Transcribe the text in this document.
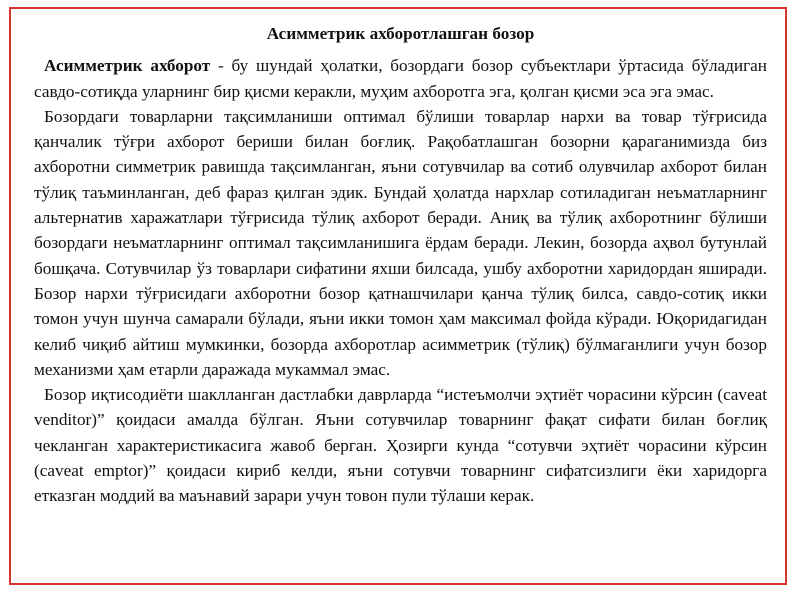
Асимметрик ахборотлашган бозор

Асимметрик ахборот - бу шундай ҳолатки, бозордаги бозор субъектлари ўртасида бўладиган савдо-сотиқда уларнинг бир қисми керакли, муҳим ахборотга эга, қолган қисми эса эга эмас.

Бозордаги товарларни тақсимланиши оптимал бўлиши товарлар нархи ва товар тўғрисида қанчалик тўғри ахборот бериши билан боғлиқ. Рақобатлашган бозорни қараганимизда биз ахборотни симметрик равишда тақсимланган, яъни сотувчилар ва сотиб олувчилар ахборот билан тўлиқ таъминланган, деб фараз қилган эдик. Бундай ҳолатда нархлар сотиладиган неъматларнинг альтернатив харажатлари тўғрисида тўлиқ ахборот беради. Аниқ ва тўлиқ ахборотнинг бўлиши бозордаги неъматларнинг оптимал тақсимланишига ёрдам беради. Лекин, бозорда аҳвол бутунлай бошқача. Сотувчилар ўз товарлари сифатини яхши билсада, ушбу ахборотни харидордан яширади. Бозор нархи тўғрисидаги ахборотни бозор қатнашчилари қанча тўлиқ билса, савдо-сотиқ икки томон учун шунча самарали бўлади, яъни икки томон ҳам максимал фойда кўради. Юқоридагидан келиб чиқиб айтиш мумкинки, бозорда ахборотлар асимметрик (тўлиқ) бўлмаганлиги учун бозор механизми ҳам етарли даражада мукаммал эмас.

Бозор иқтисодиёти шаклланган дастлабки даврларда “истеъмолчи эҳтиёт чорасини кўрсин (caveat venditor)” қоидаси амалда бўлган. Яъни сотувчилар товарнинг фақат сифати билан боғлиқ чекланган характеристикасига жавоб берган. Ҳозирги кунда “сотувчи эҳтиёт чорасини кўрсин (caveat emptor)” қоидаси кириб келди, яъни сотувчи товарнинг сифатсизлиги ёки харидорга етказган моддий ва маънавий зарари учун товон пули тўлаши керак.
